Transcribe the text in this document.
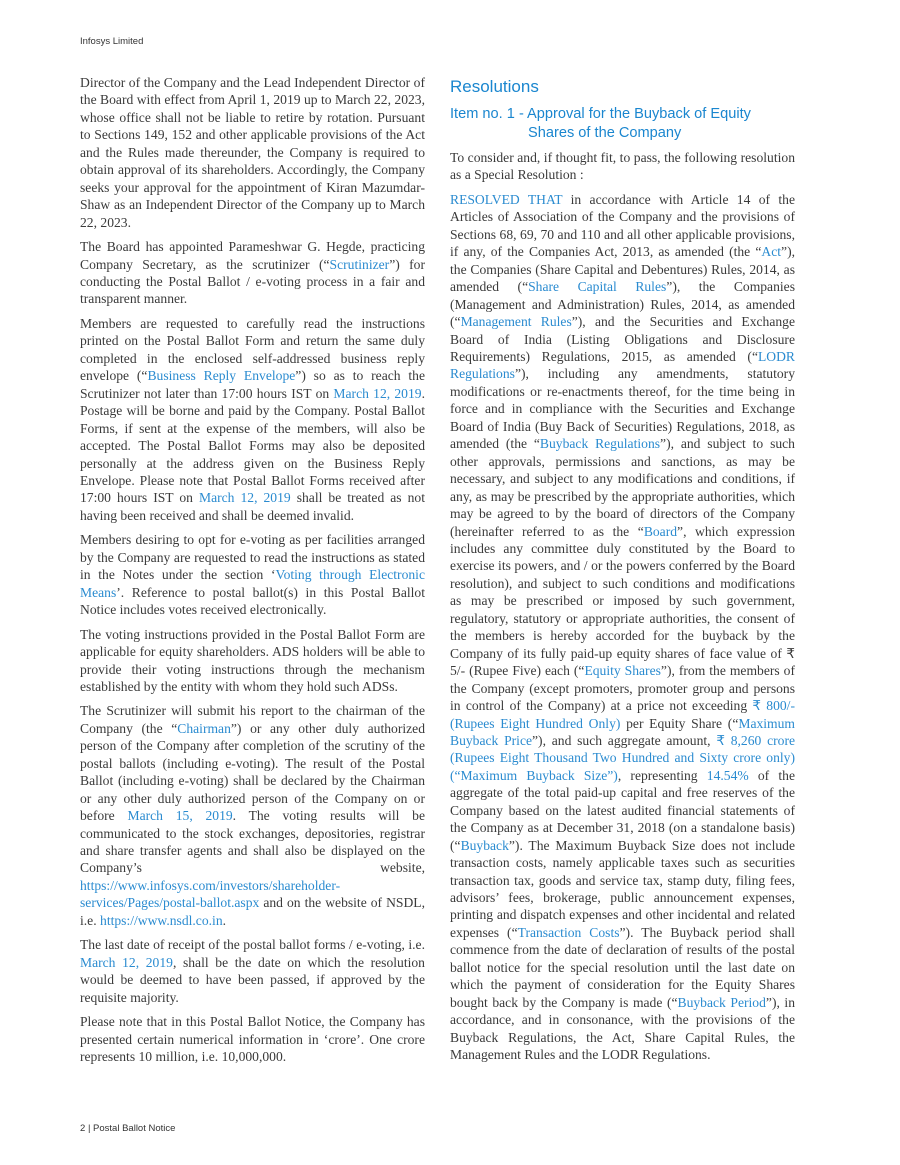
Infosys Limited

Director of the Company and the Lead Independent Director of the Board with effect from April 1, 2019 up to March 22, 2023, whose office shall not be liable to retire by rotation. Pursuant to Sections 149, 152 and other applicable provisions of the Act and the Rules made thereunder, the Company is required to obtain approval of its shareholders. Accordingly, the Company seeks your approval for the appointment of Kiran Mazumdar-Shaw as an Independent Director of the Company up to March 22, 2023.

The Board has appointed Parameshwar G. Hegde, practicing Company Secretary, as the scrutinizer (“Scrutinizer”) for conducting the Postal Ballot / e-voting process in a fair and transparent manner.

Members are requested to carefully read the instructions printed on the Postal Ballot Form and return the same duly completed in the enclosed self-addressed business reply envelope (“Business Reply Envelope”) so as to reach the Scrutinizer not later than 17:00 hours IST on March 12, 2019. Postage will be borne and paid by the Company. Postal Ballot Forms, if sent at the expense of the members, will also be accepted. The Postal Ballot Forms may also be deposited personally at the address given on the Business Reply Envelope. Please note that Postal Ballot Forms received after 17:00 hours IST on March 12, 2019 shall be treated as not having been received and shall be deemed invalid.

Members desiring to opt for e-voting as per facilities arranged by the Company are requested to read the instructions as stated in the Notes under the section ‘Voting through Electronic Means’. Reference to postal ballot(s) in this Postal Ballot Notice includes votes received electronically.

The voting instructions provided in the Postal Ballot Form are applicable for equity shareholders. ADS holders will be able to provide their voting instructions through the mechanism established by the entity with whom they hold such ADSs.

The Scrutinizer will submit his report to the chairman of the Company (the “Chairman”) or any other duly authorized person of the Company after completion of the scrutiny of the postal ballots (including e-voting). The result of the Postal Ballot (including e-voting) shall be declared by the Chairman or any other duly authorized person of the Company on or before March 15, 2019. The voting results will be communicated to the stock exchanges, depositories, registrar and share transfer agents and shall also be displayed on the Company’s website, https://www.infosys.com/investors/shareholder-services/Pages/postal-ballot.aspx and on the website of NSDL, i.e. https://www.nsdl.co.in.

The last date of receipt of the postal ballot forms / e-voting, i.e. March 12, 2019, shall be the date on which the resolution would be deemed to have been passed, if approved by the requisite majority.

Please note that in this Postal Ballot Notice, the Company has presented certain numerical information in ‘crore’. One crore represents 10 million, i.e. 10,000,000.

Resolutions
Item no. 1 - Approval for the Buyback of Equity
Shares of the Company

To consider and, if thought fit, to pass, the following resolution as a Special Resolution :

RESOLVED THAT in accordance with Article 14 of the Articles of Association of the Company and the provisions of Sections 68, 69, 70 and 110 and all other applicable provisions, if any, of the Companies Act, 2013, as amended (the “Act”), the Companies (Share Capital and Debentures) Rules, 2014, as amended (“Share Capital Rules”), the Companies (Management and Administration) Rules, 2014, as amended (“Management Rules”), and the Securities and Exchange Board of India (Listing Obligations and Disclosure Requirements) Regulations, 2015, as amended (“LODR Regulations”), including any amendments, statutory modifications or re-enactments thereof, for the time being in force and in compliance with the Securities and Exchange Board of India (Buy Back of Securities) Regulations, 2018, as amended (the “Buyback Regulations”), and subject to such other approvals, permissions and sanctions, as may be necessary, and subject to any modifications and conditions, if any, as may be prescribed by the appropriate authorities, which may be agreed to by the board of directors of the Company (hereinafter referred to as the “Board”, which expression includes any committee duly constituted by the Board to exercise its powers, and / or the powers conferred by the Board resolution), and subject to such conditions and modifications as may be prescribed or imposed by such government, regulatory, statutory or appropriate authorities, the consent of the members is hereby accorded for the buyback by the Company of its fully paid-up equity shares of face value of ₹ 5/- (Rupee Five) each (“Equity Shares”), from the members of the Company (except promoters, promoter group and persons in control of the Company) at a price not exceeding ₹ 800/- (Rupees Eight Hundred Only) per Equity Share (“Maximum Buyback Price”), and such aggregate amount, ₹ 8,260 crore (Rupees Eight Thousand Two Hundred and Sixty crore only)(“Maximum Buyback Size”), representing 14.54% of the aggregate of the total paid-up capital and free reserves of the Company based on the latest audited financial statements of the Company as at December 31, 2018 (on a standalone basis) (“Buyback”). The Maximum Buyback Size does not include transaction costs, namely applicable taxes such as securities transaction tax, goods and service tax, stamp duty, filing fees, advisors’ fees, brokerage, public announcement expenses, printing and dispatch expenses and other incidental and related expenses (“Transaction Costs”). The Buyback period shall commence from the date of declaration of results of the postal ballot notice for the special resolution until the last date on which the payment of consideration for the Equity Shares bought back by the Company is made (“Buyback Period”), in accordance, and in consonance, with the provisions of the Buyback Regulations, the Act, Share Capital Rules, the Management Rules and the LODR Regulations.

2 | Postal Ballot Notice
